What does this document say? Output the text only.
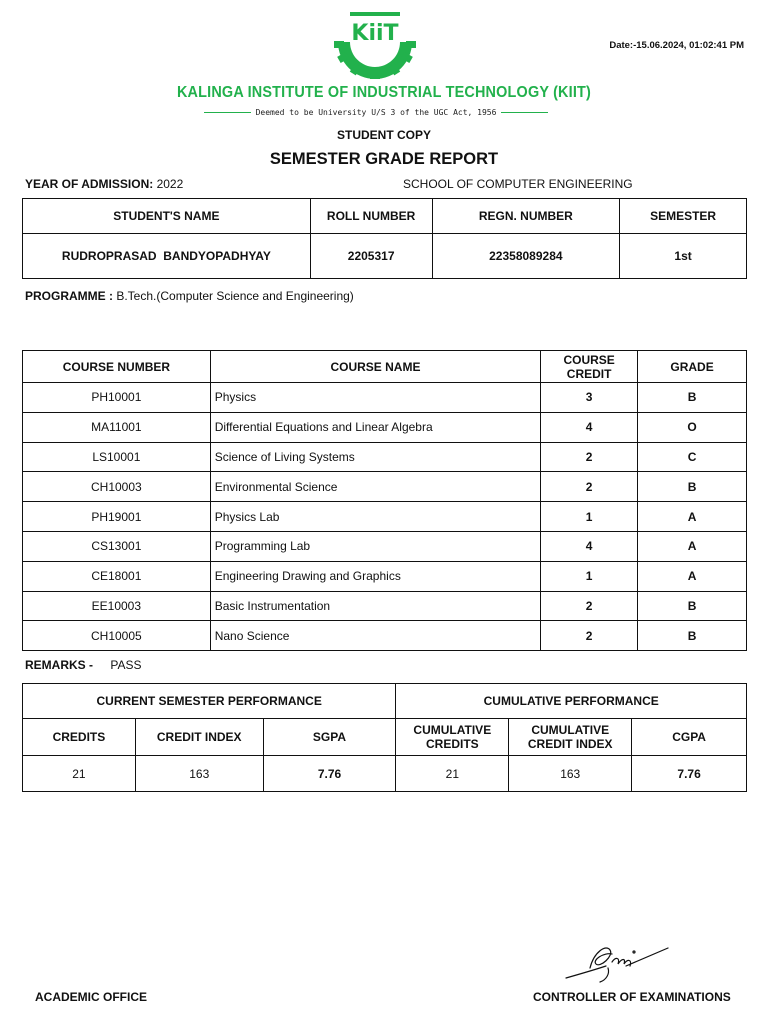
KiiT	Date:-15.06.2024, 01:02:41 PM
KALINGA INSTITUTE OF INDUSTRIAL TECHNOLOGY (KIIT)
Deemed to be University U/S 3 of the UGC Act, 1956
STUDENT COPY
SEMESTER GRADE REPORT
YEAR OF ADMISSION: 2022	SCHOOL OF COMPUTER ENGINEERING
STUDENT'S NAME	ROLL NUMBER	REGN. NUMBER	SEMESTER
RUDROPRASAD  BANDYOPADHYAY	2205317	22358089284	1st
PROGRAMME : B.Tech.(Computer Science and Engineering)
COURSE NUMBER	COURSE NAME	COURSE CREDIT	GRADE
PH10001	Physics	3	B
MA11001	Differential Equations and Linear Algebra	4	O
LS10001	Science of Living Systems	2	C
CH10003	Environmental Science	2	B
PH19001	Physics Lab	1	A
CS13001	Programming Lab	4	A
CE18001	Engineering Drawing and Graphics	1	A
EE10003	Basic Instrumentation	2	B
CH10005	Nano Science	2	B
REMARKS - PASS
CURRENT SEMESTER PERFORMANCE			CUMULATIVE PERFORMANCE		
CREDITS	CREDIT INDEX	SGPA	CUMULATIVE CREDITS	CUMULATIVE CREDIT INDEX	CGPA
21	163	7.76	21	163	7.76
ACADEMIC OFFICE	CONTROLLER OF EXAMINATIONS
